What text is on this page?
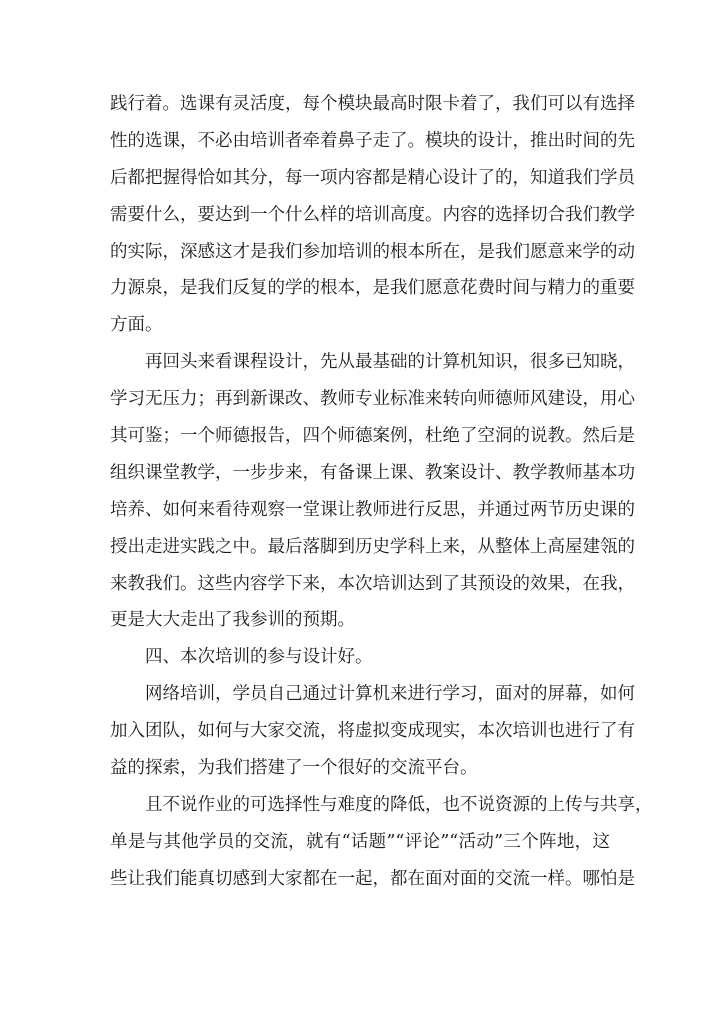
践行着。选课有灵活度，每个模块最高时限卡着了，我们可以有选择
性的选课，不必由培训者牵着鼻子走了。模块的设计，推出时间的先
后都把握得恰如其分，每一项内容都是精心设计了的，知道我们学员
需要什么，要达到一个什么样的培训高度。内容的选择切合我们教学
的实际，深感这才是我们参加培训的根本所在，是我们愿意来学的动
力源泉，是我们反复的学的根本，是我们愿意花费时间与精力的重要
方面。
再回头来看课程设计，先从最基础的计算机知识，很多已知晓，
学习无压力；再到新课改、教师专业标准来转向师德师风建设，用心
其可鉴；一个师德报告，四个师德案例，杜绝了空洞的说教。然后是
组织课堂教学，一步步来，有备课上课、教案设计、教学教师基本功
培养、如何来看待观察一堂课让教师进行反思，并通过两节历史课的
授出走进实践之中。最后落脚到历史学科上来，从整体上高屋建瓴的
来教我们。这些内容学下来，本次培训达到了其预设的效果，在我，
更是大大走出了我参训的预期。
四、本次培训的参与设计好。
网络培训，学员自己通过计算机来进行学习，面对的屏幕，如何
加入团队，如何与大家交流，将虚拟变成现实，本次培训也进行了有
益的探索，为我们搭建了一个很好的交流平台。
且不说作业的可选择性与难度的降低，也不说资源的上传与共享，
单是与其他学员的交流，就有“话题”“评论”“活动”三个阵地，这
些让我们能真切感到大家都在一起，都在面对面的交流一样。哪怕是
